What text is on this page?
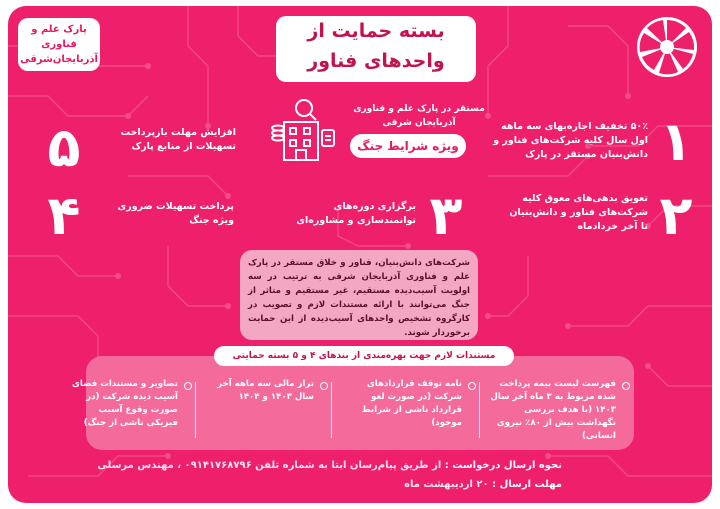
پارک علم و
فناوری
آذربایجان‌شرقی
بسته حمایت از
واحدهای فناور
مستقر در پارک علم و فناوری آذربایجان شرقی
ویژه شرایط جنگ	۱
۵۰٪ تخفیف اجاره‌بهای سه ماهه اول سال کلیه شرکت‌های فناور و دانش‌بنیان مستقر در پارک
۲
تعویق بدهی‌های معوق کلیه شرکت‌های فناور و دانش‌بنیان تا آخر خردادماه
۳
برگزاری دوره‌های توانمندسازی و مشاوره‌ای
۴	پرداخت تسهیلات ضروری ویژه جنگ
۵	افزایش مهلت بازپرداخت تسهیلات از منابع پارک
شرکت‌های دانش‌بنیان، فناور و خلاق مستقر در پارک علم و فناوری آذربایجان شرقی به ترتیب در سه اولویت آسیب‌دیده مستقیم، غیر مستقیم و متاثر از جنگ می‌توانند با ارائه مستندات لازم و تصویب در کارگروه تشخیص واحدهای آسیب‌دیده از این حمایت برخوردار شوند.
مستندات لازم جهت بهره‌مندی از بندهای ۴ و ۵ بسته حمایتی
فهرست لیست بیمه پرداخت شده مربوط به ۳ ماه آخر سال ۱۴۰۳ (با هدف بررسی نگهداشت بیش از ۸۰٪ نیروی انسانی)
نامه توقف قراردادهای شرکت (در صورت لغو قرارداد ناشی از شرایط موجود)
تراز مالی سه ماهه آخر سال ۱۴۰۳ و ۱۴۰۴
تصاویر و مستندات فضای آسیب دیده شرکت (در صورت وقوع آسیب فیزیکی ناشی از جنگ)
نحوه ارسال درخواست : از طریق پیام‌رسان ایتا به شماره تلفن ۰۹۱۴۱۷۶۸۷۹۶ ، مهندس مرسلی
مهلت ارسال : ۲۰ اردیبهشت ماه
